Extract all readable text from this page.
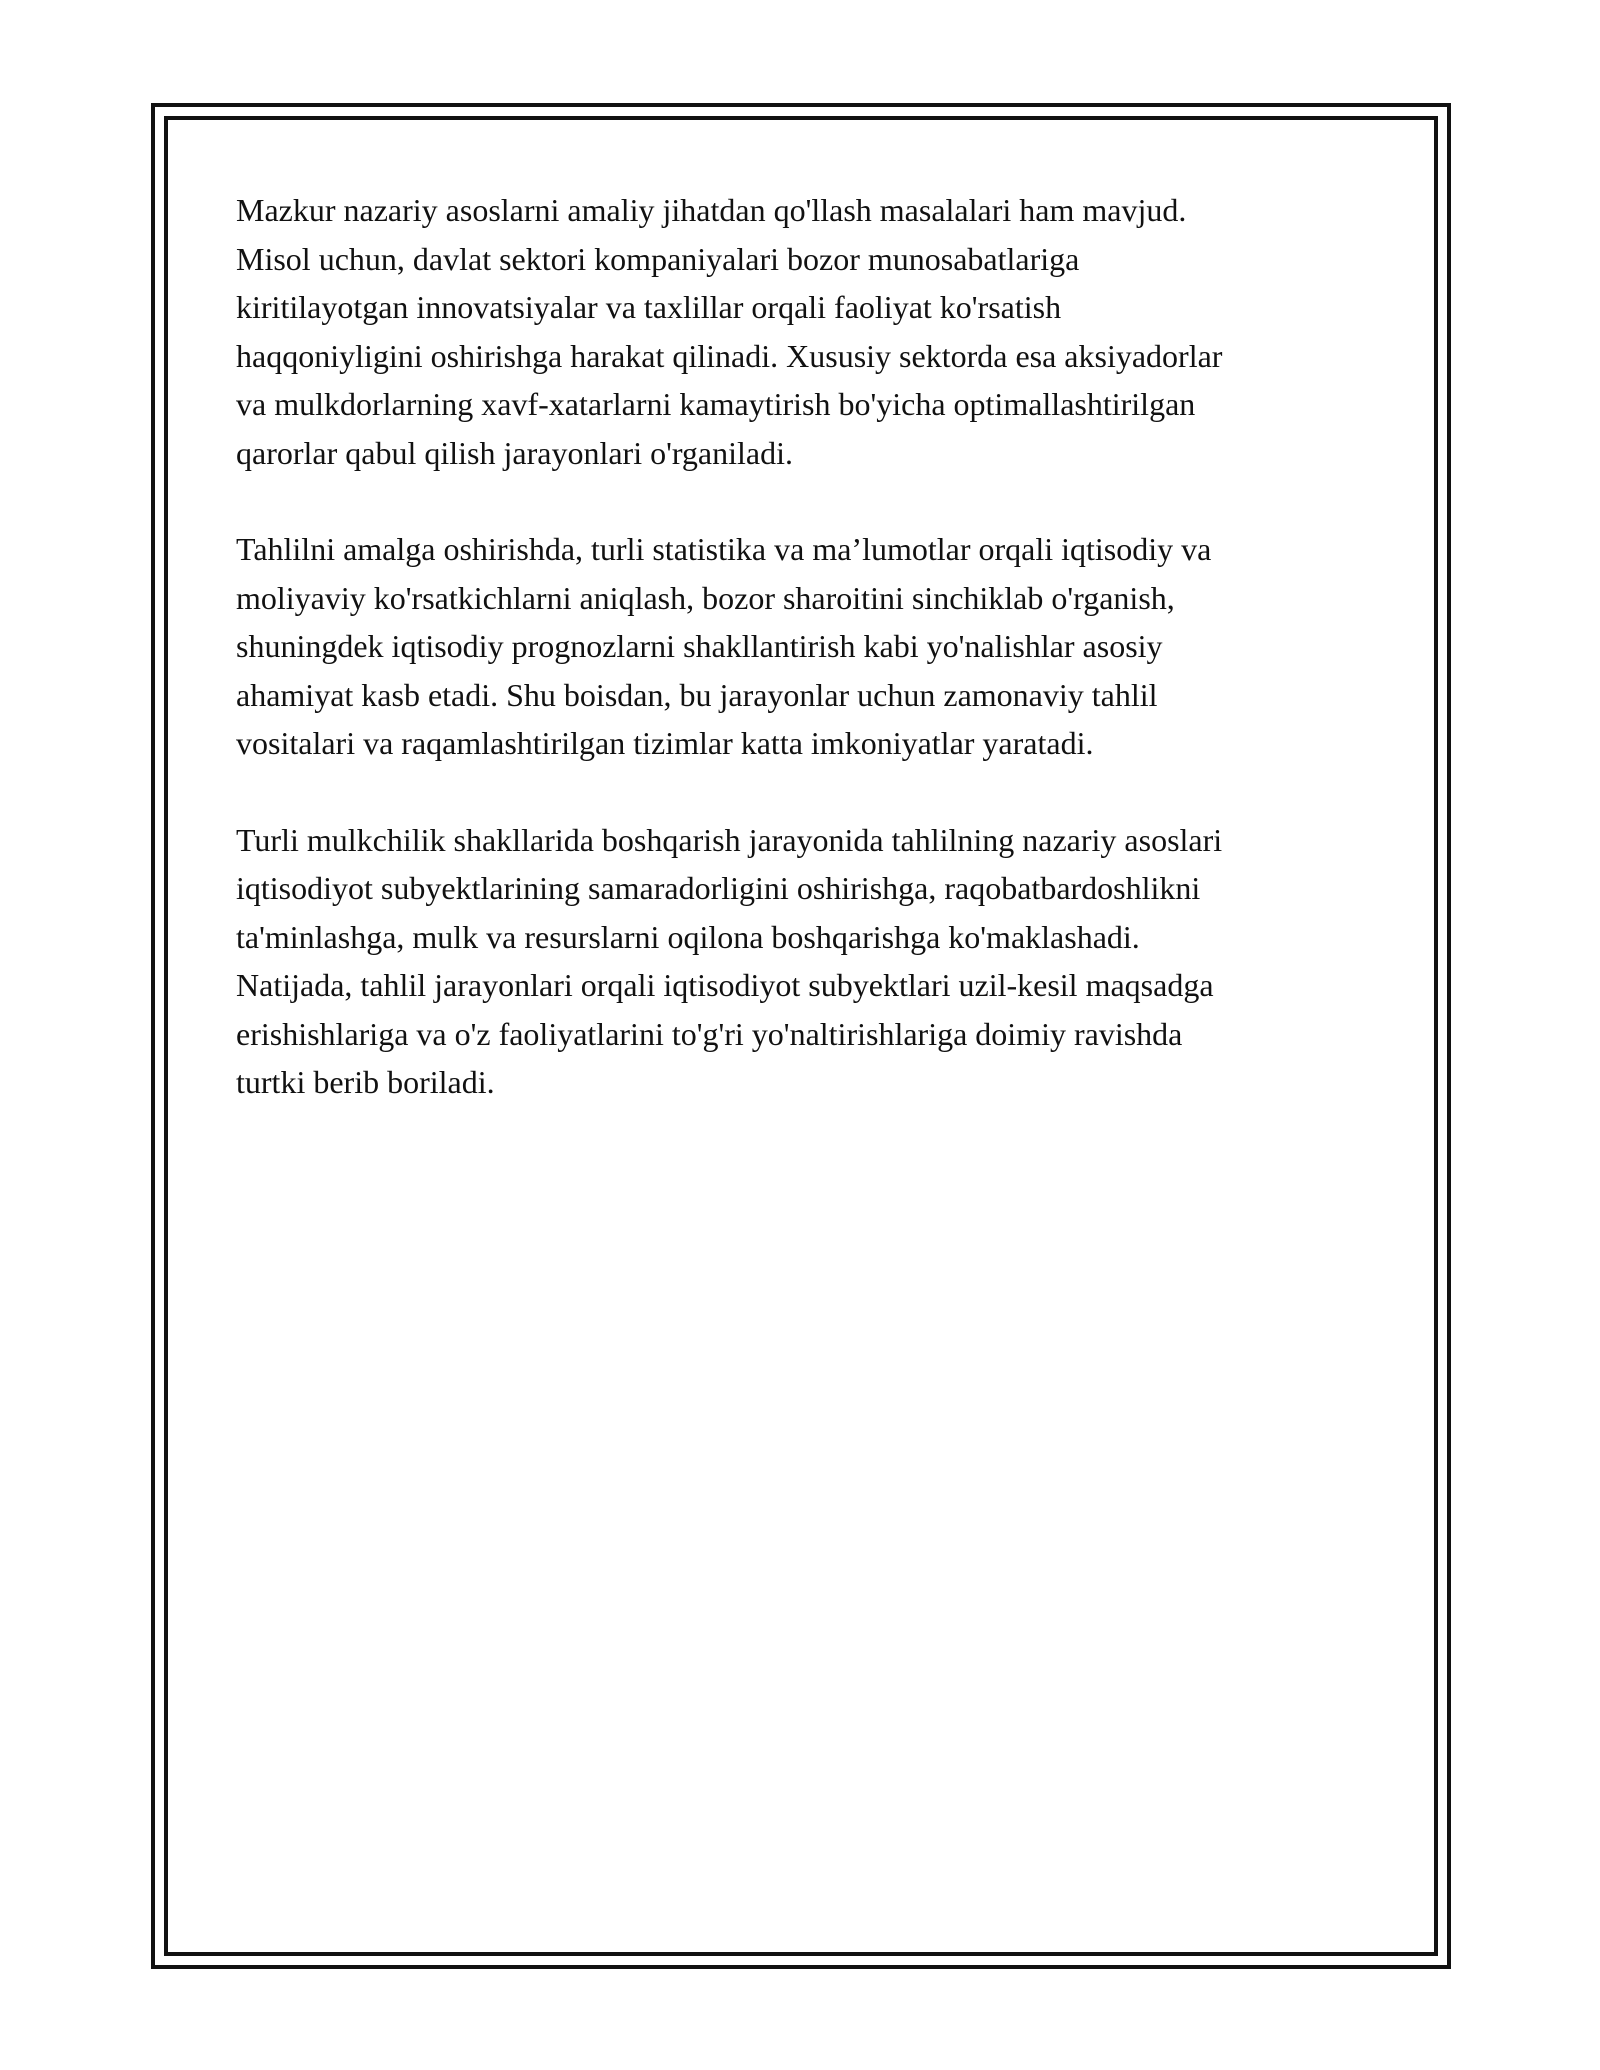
Mazkur nazariy asoslarni amaliy jihatdan qo'llash masalalari ham mavjud.
Misol uchun, davlat sektori kompaniyalari bozor munosabatlariga
kiritilayotgan innovatsiyalar va taxlillar orqali faoliyat ko'rsatish
haqqoniyligini oshirishga harakat qilinadi. Xususiy sektorda esa aksiyadorlar
va mulkdorlarning xavf-xatarlarni kamaytirish bo'yicha optimallashtirilgan
qarorlar qabul qilish jarayonlari o'rganiladi.

Tahlilni amalga oshirishda, turli statistika va ma’lumotlar orqali iqtisodiy va
moliyaviy ko'rsatkichlarni aniqlash, bozor sharoitini sinchiklab o'rganish,
shuningdek iqtisodiy prognozlarni shakllantirish kabi yo'nalishlar asosiy
ahamiyat kasb etadi. Shu boisdan, bu jarayonlar uchun zamonaviy tahlil
vositalari va raqamlashtirilgan tizimlar katta imkoniyatlar yaratadi.

Turli mulkchilik shakllarida boshqarish jarayonida tahlilning nazariy asoslari
iqtisodiyot subyektlarining samaradorligini oshirishga, raqobatbardoshlikni
ta'minlashga, mulk va resurslarni oqilona boshqarishga ko'maklashadi.
Natijada, tahlil jarayonlari orqali iqtisodiyot subyektlari uzil-kesil maqsadga
erishishlariga va o'z faoliyatlarini to'g'ri yo'naltirishlariga doimiy ravishda
turtki berib boriladi.
